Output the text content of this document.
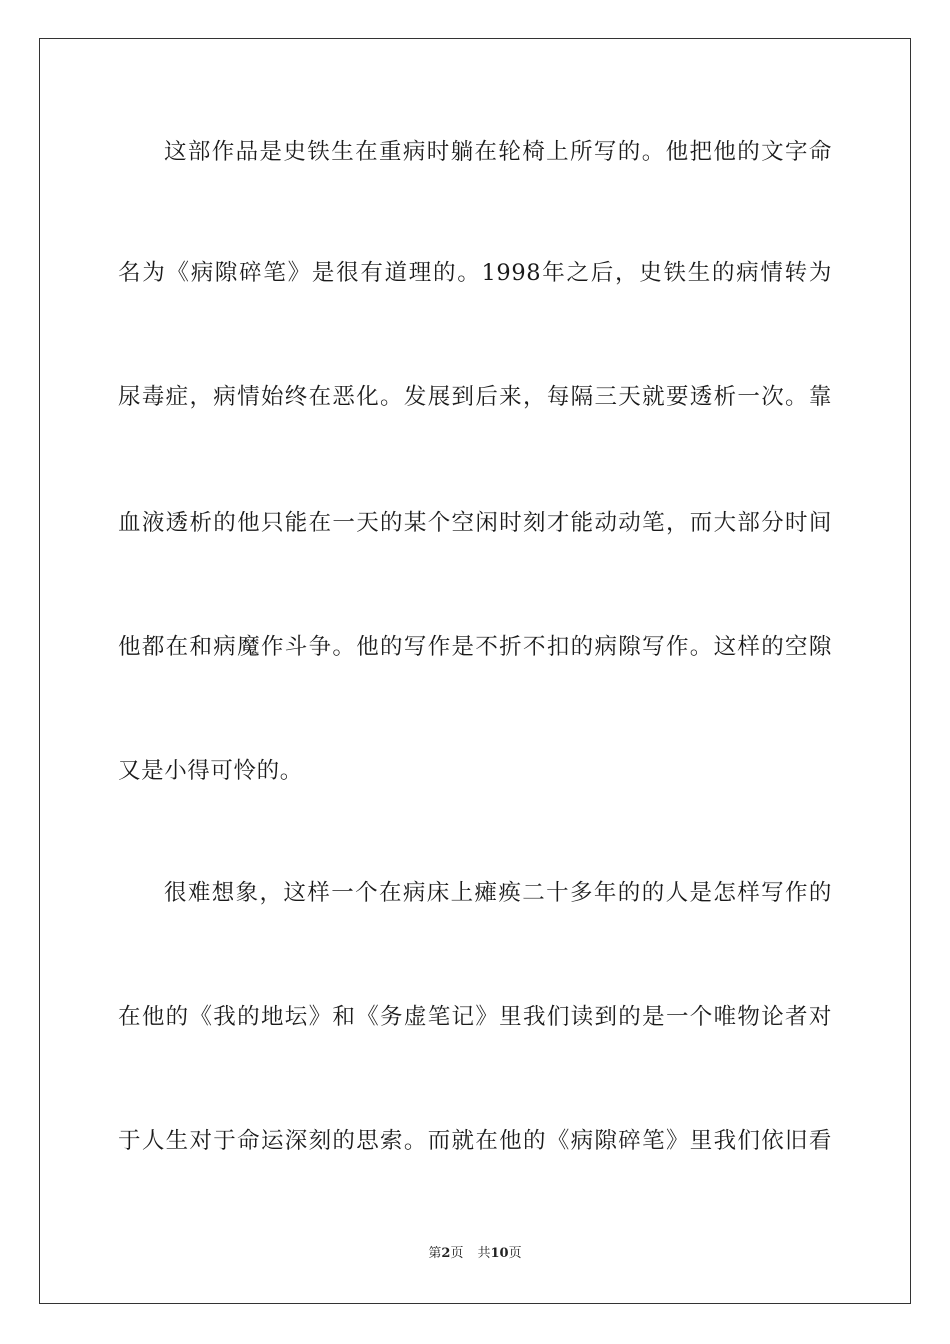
这部作品是史铁生在重病时躺在轮椅上所写的。他把他的文字命
名为《病隙碎笔》是很有道理的。1998年之后，史铁生的病情转为
尿毒症，病情始终在恶化。发展到后来，每隔三天就要透析一次。靠
血液透析的他只能在一天的某个空闲时刻才能动动笔，而大部分时间
他都在和病魔作斗争。他的写作是不折不扣的病隙写作。这样的空隙
又是小得可怜的。
很难想象，这样一个在病床上瘫痪二十多年的的人是怎样写作的
在他的《我的地坛》和《务虚笔记》里我们读到的是一个唯物论者对
于人生对于命运深刻的思索。而就在他的《病隙碎笔》里我们依旧看
第2页 共10页
